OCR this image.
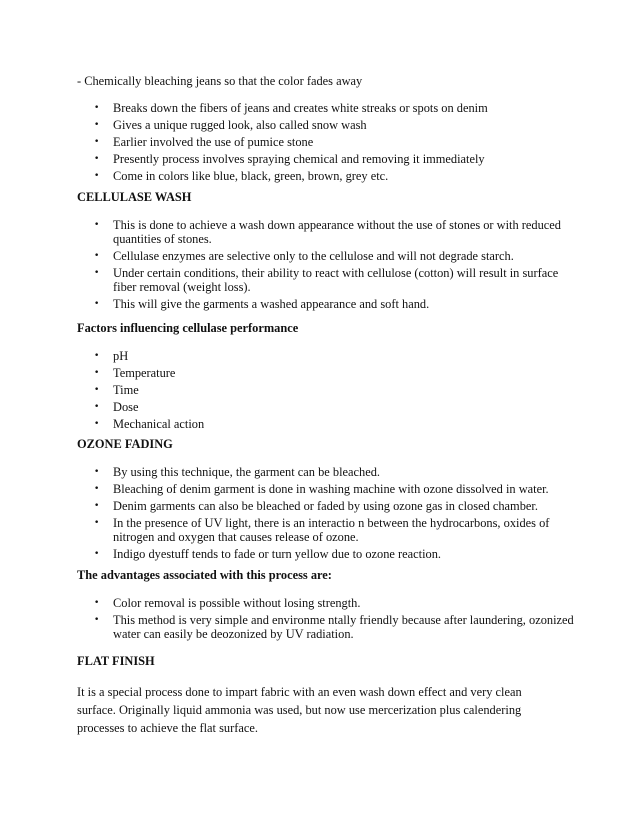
- Chemically bleaching jeans so that the color fades away

• Breaks down the fibers of jeans and creates white streaks or spots on denim
• Gives a unique rugged look, also called snow wash
• Earlier involved the use of pumice stone
• Presently process involves spraying chemical and removing it immediately
• Come in colors like blue, black, green, brown, grey etc.

CELLULASE WASH

• This is done to achieve a wash down appearance without the use of stones or with reduced quantities of stones.
• Cellulase enzymes are selective only to the cellulose and will not degrade starch.
• Under certain conditions, their ability to react with cellulose (cotton) will result in surface fiber removal (weight loss).
• This will give the garments a washed appearance and soft hand.

Factors influencing cellulase performance

• pH
• Temperature
• Time
• Dose
• Mechanical action

OZONE FADING

• By using this technique, the garment can be bleached.
• Bleaching of denim garment is done in washing machine with ozone dissolved in water.
• Denim garments can also be bleached or faded by using ozone gas in closed chamber.
• In the presence of UV light, there is an interactio n between the hydrocarbons, oxides of nitrogen and oxygen that causes release of ozone.
• Indigo dyestuff tends to fade or turn yellow due to ozone reaction.

The advantages associated with this process are:

• Color removal is possible without losing strength.
• This method is very simple and environme ntally friendly because after laundering, ozonized water can easily be deozonized by UV radiation.

FLAT FINISH

It is a special process done to impart fabric with an even wash down effect and very clean surface. Originally liquid ammonia was used, but now use mercerization plus calendering processes to achieve the flat surface.
